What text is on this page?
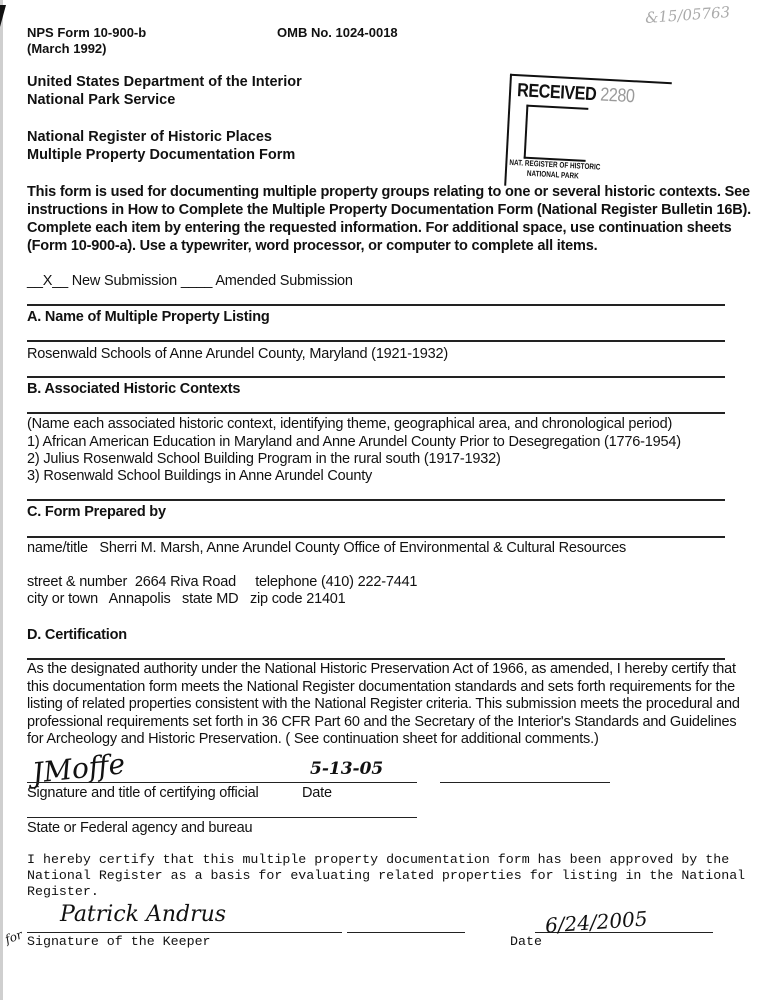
NPS Form 10-900-b
(March 1992)
OMB No. 1024-0018
&15/05763
United States Department of the Interior
National Park Service
National Register of Historic Places
Multiple Property Documentation Form
RECEIVED 2280
NAT. REGISTER OF HISTORIC
NATIONAL PARK
This form is used for documenting multiple property groups relating to one or several historic contexts. See instructions in How to Complete the Multiple Property Documentation Form (National Register Bulletin 16B). Complete each item by entering the requested information. For additional space, use continuation sheets (Form 10-900-a). Use a typewriter, word processor, or computer to complete all items.
__X__ New Submission ____ Amended Submission
A. Name of Multiple Property Listing
Rosenwald Schools of Anne Arundel County, Maryland (1921-1932)
B. Associated Historic Contexts
(Name each associated historic context, identifying theme, geographical area, and chronological period)
1) African American Education in Maryland and Anne Arundel County Prior to Desegregation (1776-1954)
2) Julius Rosenwald School Building Program in the rural south (1917-1932)
3) Rosenwald School Buildings in Anne Arundel County
C. Form Prepared by
name/title Sherri M. Marsh, Anne Arundel County Office of Environmental & Cultural Resources
street & number 2664 Riva Road telephone (410) 222-7441
city or town Annapolis state MD zip code 21401
D. Certification
As the designated authority under the National Historic Preservation Act of 1966, as amended, I hereby certify that this documentation form meets the National Register documentation standards and sets forth requirements for the listing of related properties consistent with the National Register criteria. This submission meets the procedural and professional requirements set forth in 36 CFR Part 60 and the Secretary of the Interior's Standards and Guidelines for Archeology and Historic Preservation. ( See continuation sheet for additional comments.)
JMoffe	5-13-05
Signature and title of certifying official	Date
State or Federal agency and bureau
I hereby certify that this multiple property documentation form has been approved by the National Register as a basis for evaluating related properties for listing in the National Register.
Patrick Andrus
for Signature of the Keeper	Date
6/24/2005
